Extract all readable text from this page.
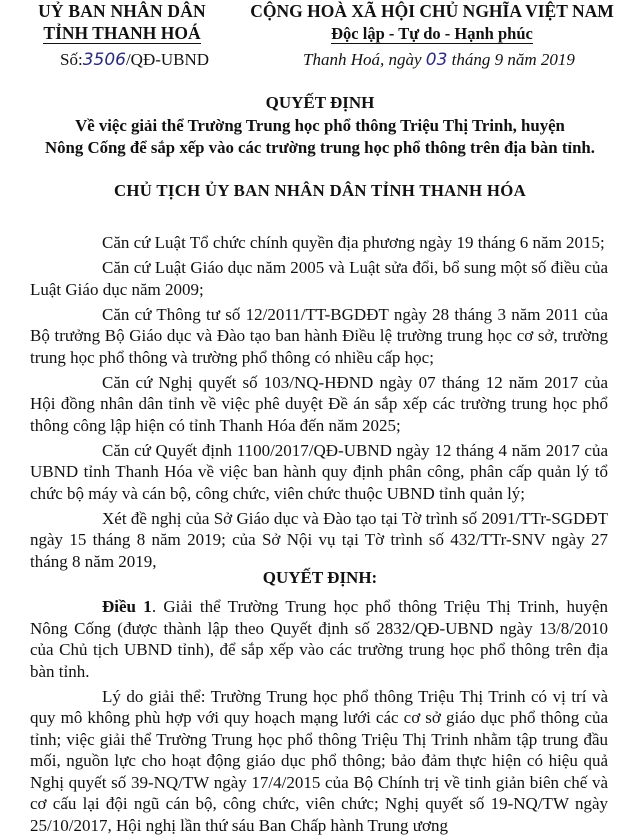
UỶ BAN NHÂN DÂN
TỈNH THANH HOÁ
CỘNG HOÀ XÃ HỘI CHỦ NGHĨA VIỆT NAM
Độc lập - Tự do - Hạnh phúc
Số:3506/QĐ-UBND	Thanh Hoá, ngày 03 tháng 9 năm 2019
QUYẾT ĐỊNH
Về việc giải thể Trường Trung học phổ thông Triệu Thị Trinh, huyện
Nông Cống để sắp xếp vào các trường trung học phổ thông trên địa bàn tỉnh.
CHỦ TỊCH ỦY BAN NHÂN DÂN TỈNH THANH HÓA

Căn cứ Luật Tổ chức chính quyền địa phương ngày 19 tháng 6 năm 2015;

Căn cứ Luật Giáo dục năm 2005 và Luật sửa đổi, bổ sung một số điều của Luật Giáo dục năm 2009;

Căn cứ Thông tư số 12/2011/TT-BGDĐT ngày 28 tháng 3 năm 2011 của Bộ trưởng Bộ Giáo dục và Đào tạo ban hành Điều lệ trường trung học cơ sở, trường trung học phổ thông và trường phổ thông có nhiều cấp học;

Căn cứ Nghị quyết số 103/NQ-HĐND ngày 07 tháng 12 năm 2017 của Hội đồng nhân dân tỉnh về việc phê duyệt Đề án sắp xếp các trường trung học phổ thông công lập hiện có tỉnh Thanh Hóa đến năm 2025;

Căn cứ Quyết định 1100/2017/QĐ-UBND ngày 12 tháng 4 năm 2017 của UBND tỉnh Thanh Hóa về việc ban hành quy định phân công, phân cấp quản lý tổ chức bộ máy và cán bộ, công chức, viên chức thuộc UBND tỉnh quản lý;

Xét đề nghị của Sở Giáo dục và Đào tạo tại Tờ trình số 2091/TTr-SGDĐT ngày 15 tháng 8 năm 2019; của Sở Nội vụ tại Tờ trình số 432/TTr-SNV ngày 27 tháng 8 năm 2019,

QUYẾT ĐỊNH:

Điều 1. Giải thể Trường Trung học phổ thông Triệu Thị Trinh, huyện Nông Cống (được thành lập theo Quyết định số 2832/QĐ-UBND ngày 13/8/2010 của Chủ tịch UBND tỉnh), để sắp xếp vào các trường trung học phổ thông trên địa bàn tỉnh.

Lý do giải thể: Trường Trung học phổ thông Triệu Thị Trinh có vị trí và quy mô không phù hợp với quy hoạch mạng lưới các cơ sở giáo dục phổ thông của tỉnh; việc giải thể Trường Trung học phổ thông Triệu Thị Trinh nhằm tập trung đầu mối, nguồn lực cho hoạt động giáo dục phổ thông; bảo đảm thực hiện có hiệu quả Nghị quyết số 39-NQ/TW ngày 17/4/2015 của Bộ Chính trị về tinh giản biên chế và cơ cấu lại đội ngũ cán bộ, công chức, viên chức; Nghị quyết số 19-NQ/TW ngày 25/10/2017, Hội nghị lần thứ sáu Ban Chấp hành Trung ương
